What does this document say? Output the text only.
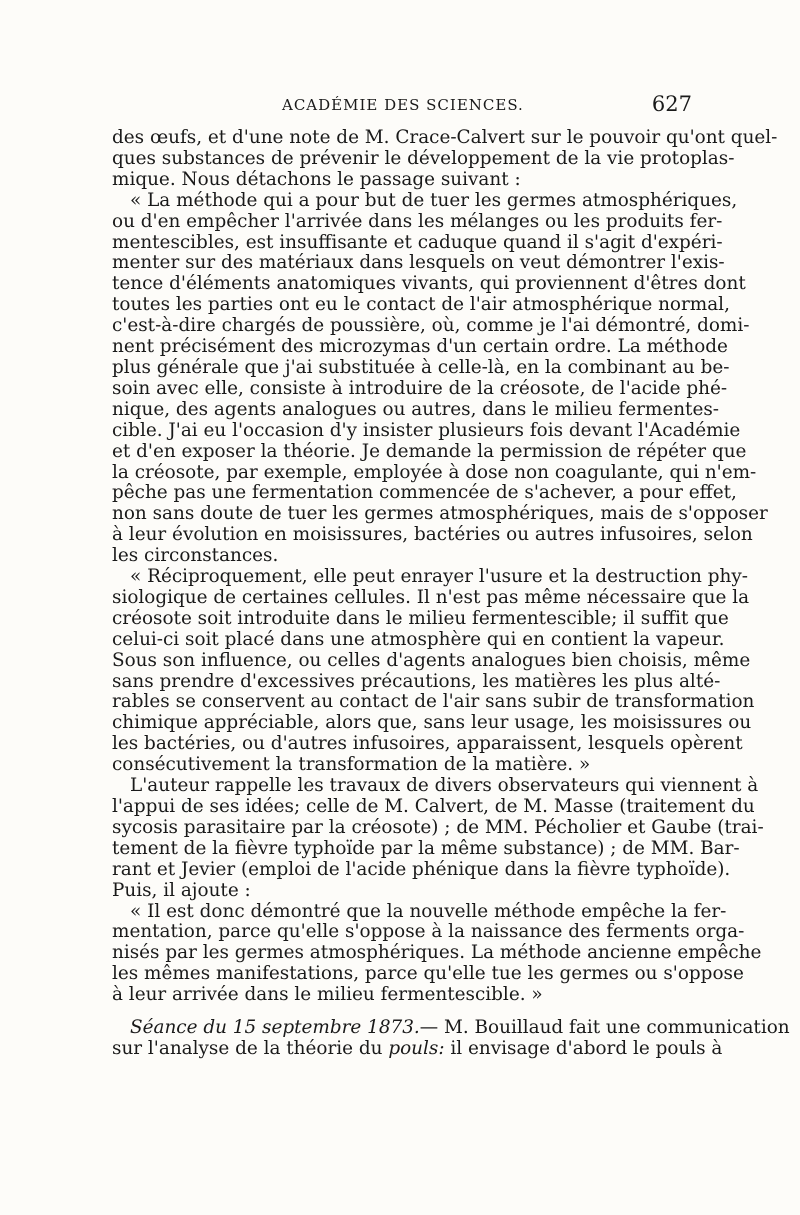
ACADÉMIE DES SCIENCES.	627
des œufs, et d'une note de M. Crace-Calvert sur le pouvoir qu'ont quel-
ques substances de prévenir le développement de la vie protoplas-
mique. Nous détachons le passage suivant :
« La méthode qui a pour but de tuer les germes atmosphériques,
ou d'en empêcher l'arrivée dans les mélanges ou les produits fer-
mentescibles, est insuffisante et caduque quand il s'agit d'expéri-
menter sur des matériaux dans lesquels on veut démontrer l'exis-
tence d'éléments anatomiques vivants, qui proviennent d'êtres dont
toutes les parties ont eu le contact de l'air atmosphérique normal,
c'est-à-dire chargés de poussière, où, comme je l'ai démontré, domi-
nent précisément des microzymas d'un certain ordre. La méthode
plus générale que j'ai substituée à celle-là, en la combinant au be-
soin avec elle, consiste à introduire de la créosote, de l'acide phé-
nique, des agents analogues ou autres, dans le milieu fermentes-
cible. J'ai eu l'occasion d'y insister plusieurs fois devant l'Académie
et d'en exposer la théorie. Je demande la permission de répéter que
la créosote, par exemple, employée à dose non coagulante, qui n'em-
pêche pas une fermentation commencée de s'achever, a pour effet,
non sans doute de tuer les germes atmosphériques, mais de s'opposer
à leur évolution en moisissures, bactéries ou autres infusoires, selon
les circonstances.
« Réciproquement, elle peut enrayer l'usure et la destruction phy-
siologique de certaines cellules. Il n'est pas même nécessaire que la
créosote soit introduite dans le milieu fermentescible; il suffit que
celui-ci soit placé dans une atmosphère qui en contient la vapeur.
Sous son influence, ou celles d'agents analogues bien choisis, même
sans prendre d'excessives précautions, les matières les plus alté-
rables se conservent au contact de l'air sans subir de transformation
chimique appréciable, alors que, sans leur usage, les moisissures ou
les bactéries, ou d'autres infusoires, apparaissent, lesquels opèrent
consécutivement la transformation de la matière. »
L'auteur rappelle les travaux de divers observateurs qui viennent à
l'appui de ses idées; celle de M. Calvert, de M. Masse (traitement du
sycosis parasitaire par la créosote) ; de MM. Pécholier et Gaube (trai-
tement de la fièvre typhoïde par la même substance) ; de MM. Bar-
rant et Jevier (emploi de l'acide phénique dans la fièvre typhoïde).
Puis, il ajoute :
« Il est donc démontré que la nouvelle méthode empêche la fer-
mentation, parce qu'elle s'oppose à la naissance des ferments orga-
nisés par les germes atmosphériques. La méthode ancienne empêche
les mêmes manifestations, parce qu'elle tue les germes ou s'oppose
à leur arrivée dans le milieu fermentescible. »
Séance du 15 septembre 1873.— M. Bouillaud fait une communication
sur l'analyse de la théorie du pouls: il envisage d'abord le pouls à
